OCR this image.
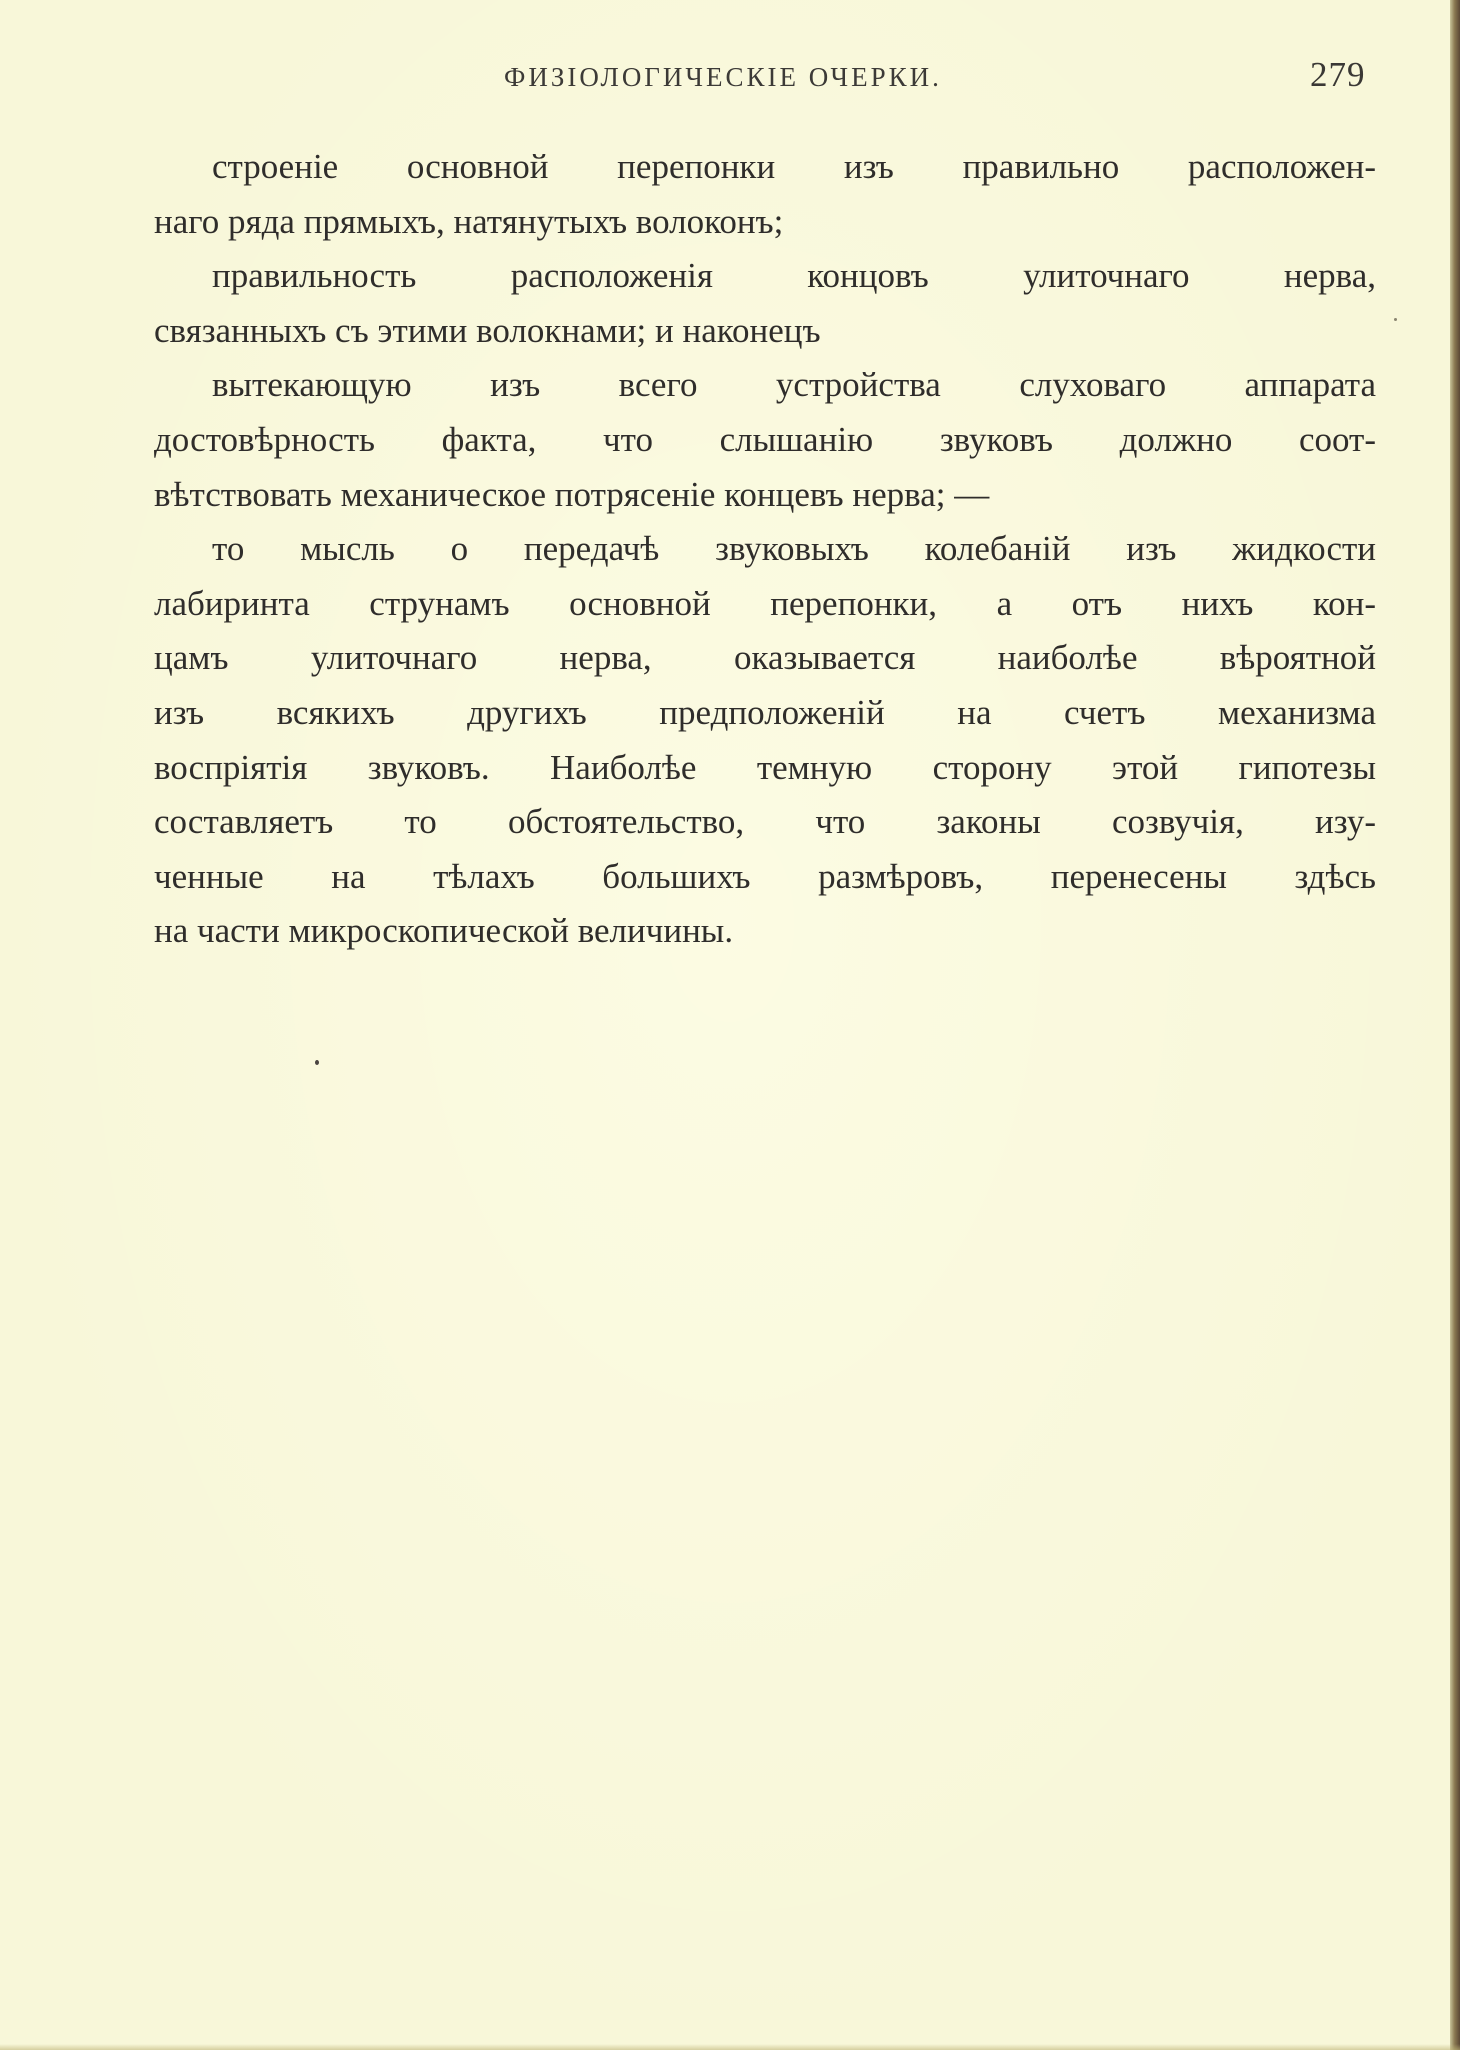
ФИЗІОЛОГИЧЕСКІЕ ОЧЕРКИ.	279
строеніе основной перепонки изъ правильно расположен-
наго ряда прямыхъ, натянутыхъ волоконъ;
правильность расположенія концовъ улиточнаго нерва,
связанныхъ съ этими волокнами; и наконецъ
вытекающую изъ всего устройства слуховаго аппарата
достовѣрность факта, что слышанію звуковъ должно соот-
вѣтствовать механическое потрясеніе концевъ нерва; —
то мысль о передачѣ звуковыхъ колебаній изъ жидкости
лабиринта струнамъ основной перепонки, а отъ нихъ кон-
цамъ улиточнаго нерва, оказывается наиболѣе вѣроятной
изъ всякихъ другихъ предположеній на счетъ механизма
воспріятія звуковъ. Наиболѣе темную сторону этой гипотезы
составляетъ то обстоятельство, что законы созвучія, изу-
ченные на тѣлахъ большихъ размѣровъ, перенесены здѣсь
на части микроскопической величины.
